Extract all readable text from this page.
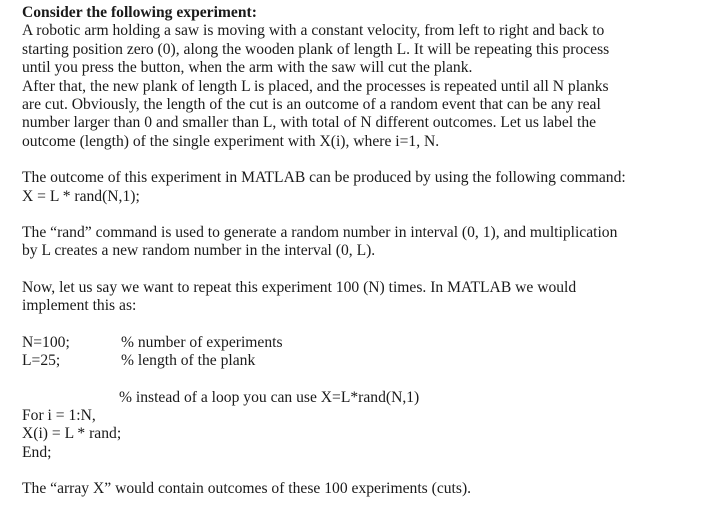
Consider the following experiment:

A robotic arm holding a saw is moving with a constant velocity, from left to right and back to

starting position zero (0), along the wooden plank of length L. It will be repeating this process

until you press the button, when the arm with the saw will cut the plank.

After that, the new plank of length L is placed, and the processes is repeated until all N planks

are cut. Obviously, the length of the cut is an outcome of a random event that can be any real

number larger than 0 and smaller than L, with total of N different outcomes. Let us label the

outcome (length) of the single experiment with X(i), where i=1, N.

The outcome of this experiment in MATLAB can be produced by using the following command:

X = L * rand(N,1);

The “rand” command is used to generate a random number in interval (0, 1), and multiplication

by L creates a new random number in the interval (0, L).

Now, let us say we want to repeat this experiment 100 (N) times. In MATLAB we would

implement this as:

N=100;	% number of experiments
L=25;	% length of the plank

% instead of a loop you can use X=L*rand(N,1)

For i = 1:N,

X(i) = L * rand;

End;

The “array X” would contain outcomes of these 100 experiments (cuts).
